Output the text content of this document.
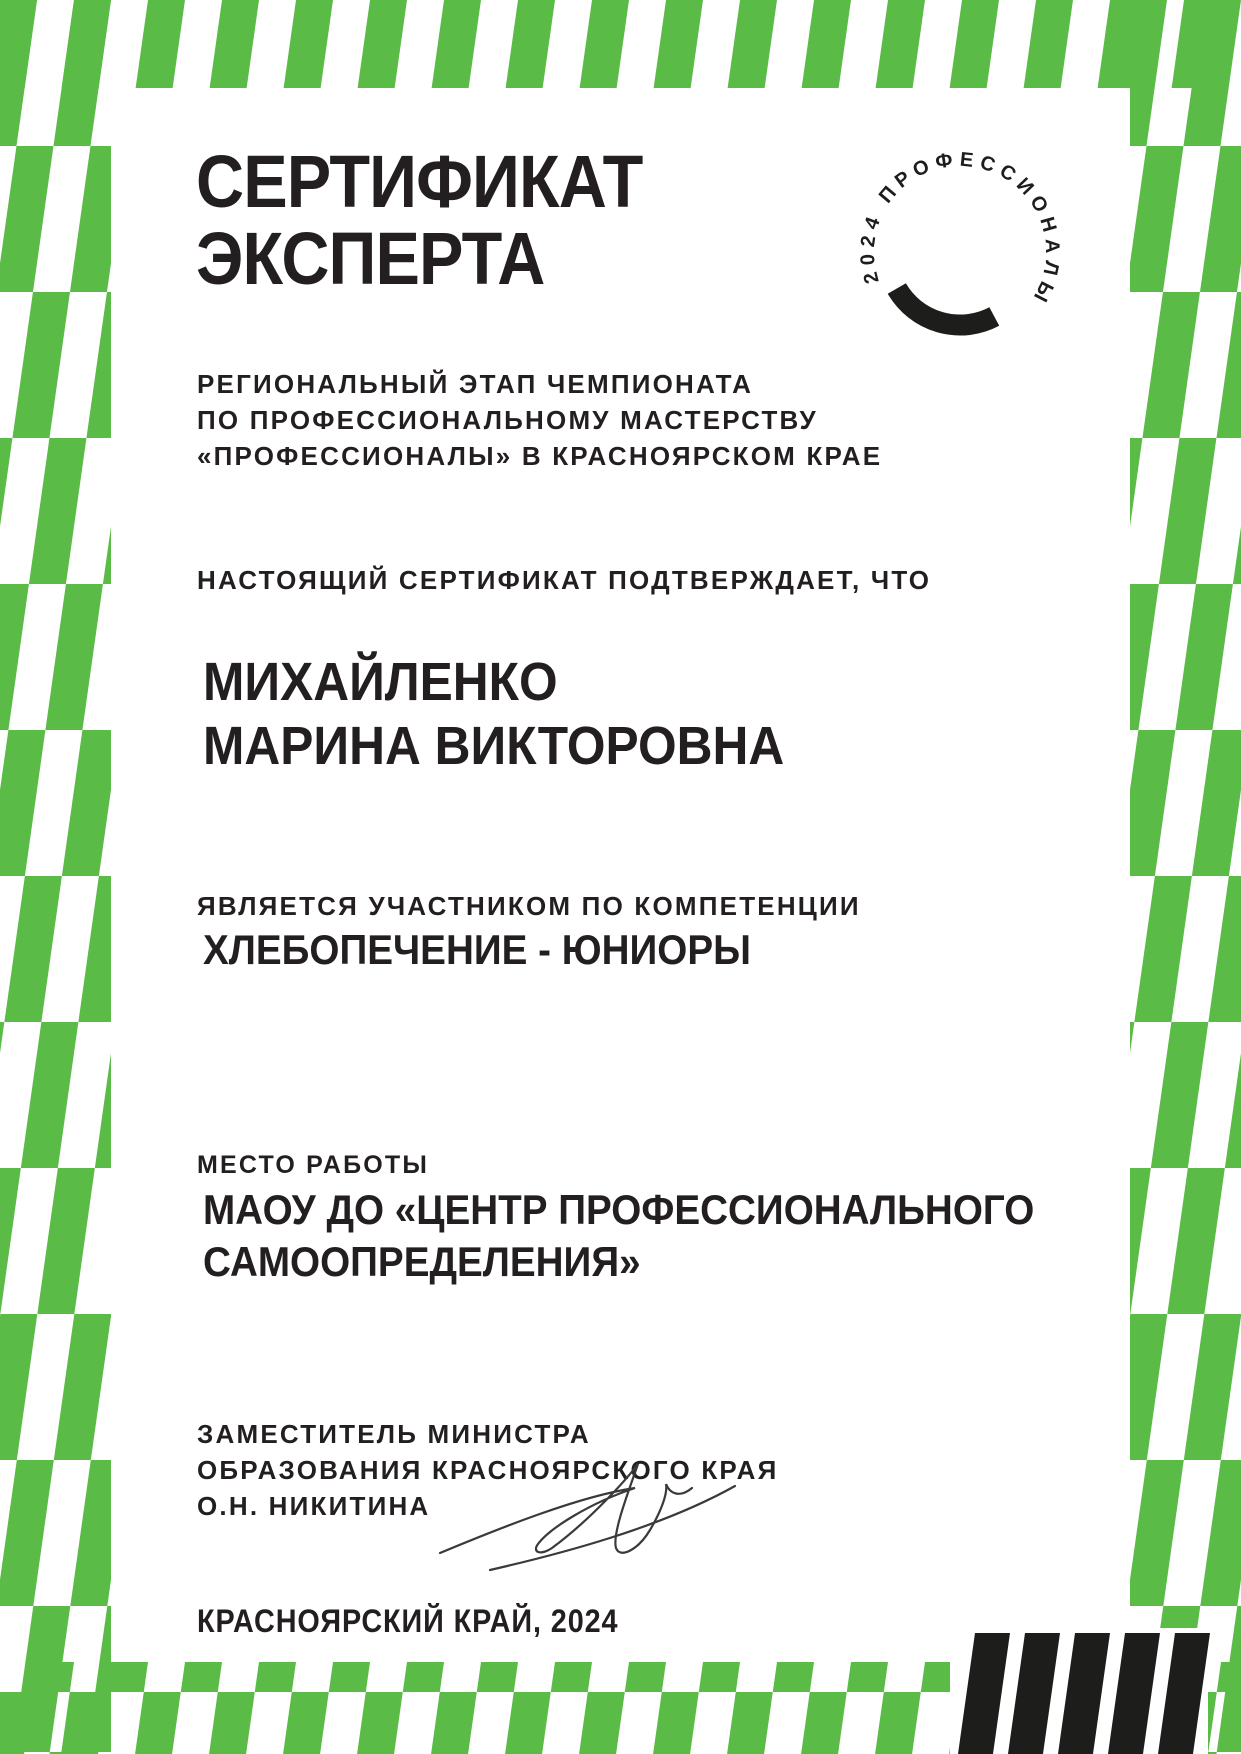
2024 ПРОФЕССИОНАЛЫ
СЕРТИФИКАТ
ЭКСПЕРТА
РЕГИОНАЛЬНЫЙ ЭТАП ЧЕМПИОНАТА
ПО ПРОФЕССИОНАЛЬНОМУ МАСТЕРСТВУ
«ПРОФЕССИОНАЛЫ» В КРАСНОЯРСКОМ КРАЕ
НАСТОЯЩИЙ СЕРТИФИКАТ ПОДТВЕРЖДАЕТ, ЧТО
МИХАЙЛЕНКО
МАРИНА ВИКТОРОВНА
ЯВЛЯЕТСЯ УЧАСТНИКОМ ПО КОМПЕТЕНЦИИ
ХЛЕБОПЕЧЕНИЕ - ЮНИОРЫ
МЕСТО РАБОТЫ
МАОУ ДО «ЦЕНТР ПРОФЕССИОНАЛЬНОГО
САМООПРЕДЕЛЕНИЯ»
ЗАМЕСТИТЕЛЬ МИНИСТРА
ОБРАЗОВАНИЯ КРАСНОЯРСКОГО КРАЯ
О.Н. НИКИТИНА
КРАСНОЯРСКИЙ КРАЙ, 2024
